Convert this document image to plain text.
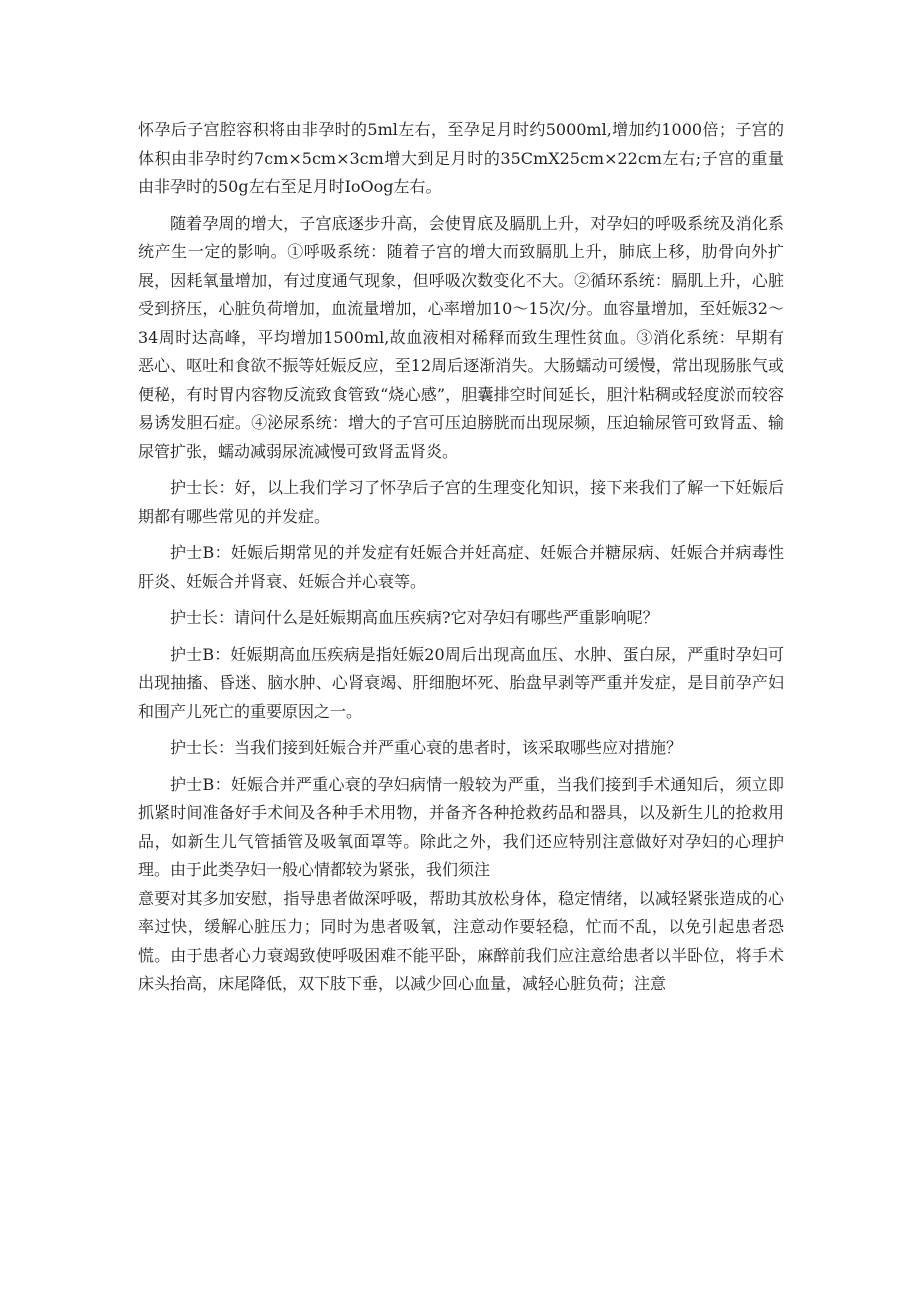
怀孕后子宫腔容积将由非孕时的5ml左右，至孕足月时约5000ml,增加约1000倍；子宫的体积由非孕时约7cm×5cm×3cm增大到足月时的35CmX25cm×22cm左右;子宫的重量由非孕时的50g左右至足月时IoOog左右。

随着孕周的增大，子宫底逐步升高，会使胃底及膈肌上升，对孕妇的呼吸系统及消化系统产生一定的影响。①呼吸系统：随着子宫的增大而致膈肌上升，肺底上移，肋骨向外扩展，因耗氧量增加，有过度通气现象，但呼吸次数变化不大。②循环系统：膈肌上升，心脏受到挤压，心脏负荷增加，血流量增加，心率增加10～15次/分。血容量增加，至妊娠32～34周时达高峰，平均增加1500ml,故血液相对稀释而致生理性贫血。③消化系统：早期有恶心、呕吐和食欲不振等妊娠反应，至12周后逐渐消失。大肠蠕动可缓慢，常出现肠胀气或便秘，有时胃内容物反流致食管致“烧心感”，胆囊排空时间延长，胆汁粘稠或轻度淤而较容易诱发胆石症。④泌尿系统：增大的子宫可压迫膀胱而出现尿频，压迫输尿管可致肾盂、输尿管扩张，蠕动减弱尿流减慢可致肾盂肾炎。

护士长：好，以上我们学习了怀孕后子宫的生理变化知识，接下来我们了解一下妊娠后期都有哪些常见的并发症。

护士B：妊娠后期常见的并发症有妊娠合并妊高症、妊娠合并糖尿病、妊娠合并病毒性肝炎、妊娠合并肾衰、妊娠合并心衰等。

护士长：请问什么是妊娠期高血压疾病?它对孕妇有哪些严重影响呢？

护士B：妊娠期高血压疾病是指妊娠20周后出现高血压、水肿、蛋白尿，严重时孕妇可出现抽搐、昏迷、脑水肿、心肾衰竭、肝细胞坏死、胎盘早剥等严重并发症，是目前孕产妇和围产儿死亡的重要原因之一。

护士长：当我们接到妊娠合并严重心衰的患者时，该采取哪些应对措施？

护士B：妊娠合并严重心衰的孕妇病情一般较为严重，当我们接到手术通知后，须立即抓紧时间准备好手术间及各种手术用物，并备齐各种抢救药品和器具，以及新生儿的抢救用品，如新生儿气管插管及吸氧面罩等。除此之外，我们还应特别注意做好对孕妇的心理护理。由于此类孕妇一般心情都较为紧张，我们须注

意要对其多加安慰，指导患者做深呼吸，帮助其放松身体，稳定情绪，以减轻紧张造成的心率过快，缓解心脏压力；同时为患者吸氧，注意动作要轻稳，忙而不乱，以免引起患者恐慌。由于患者心力衰竭致使呼吸困难不能平卧，麻醉前我们应注意给患者以半卧位，将手术床头抬高，床尾降低，双下肢下垂，以减少回心血量，减轻心脏负荷；注意
